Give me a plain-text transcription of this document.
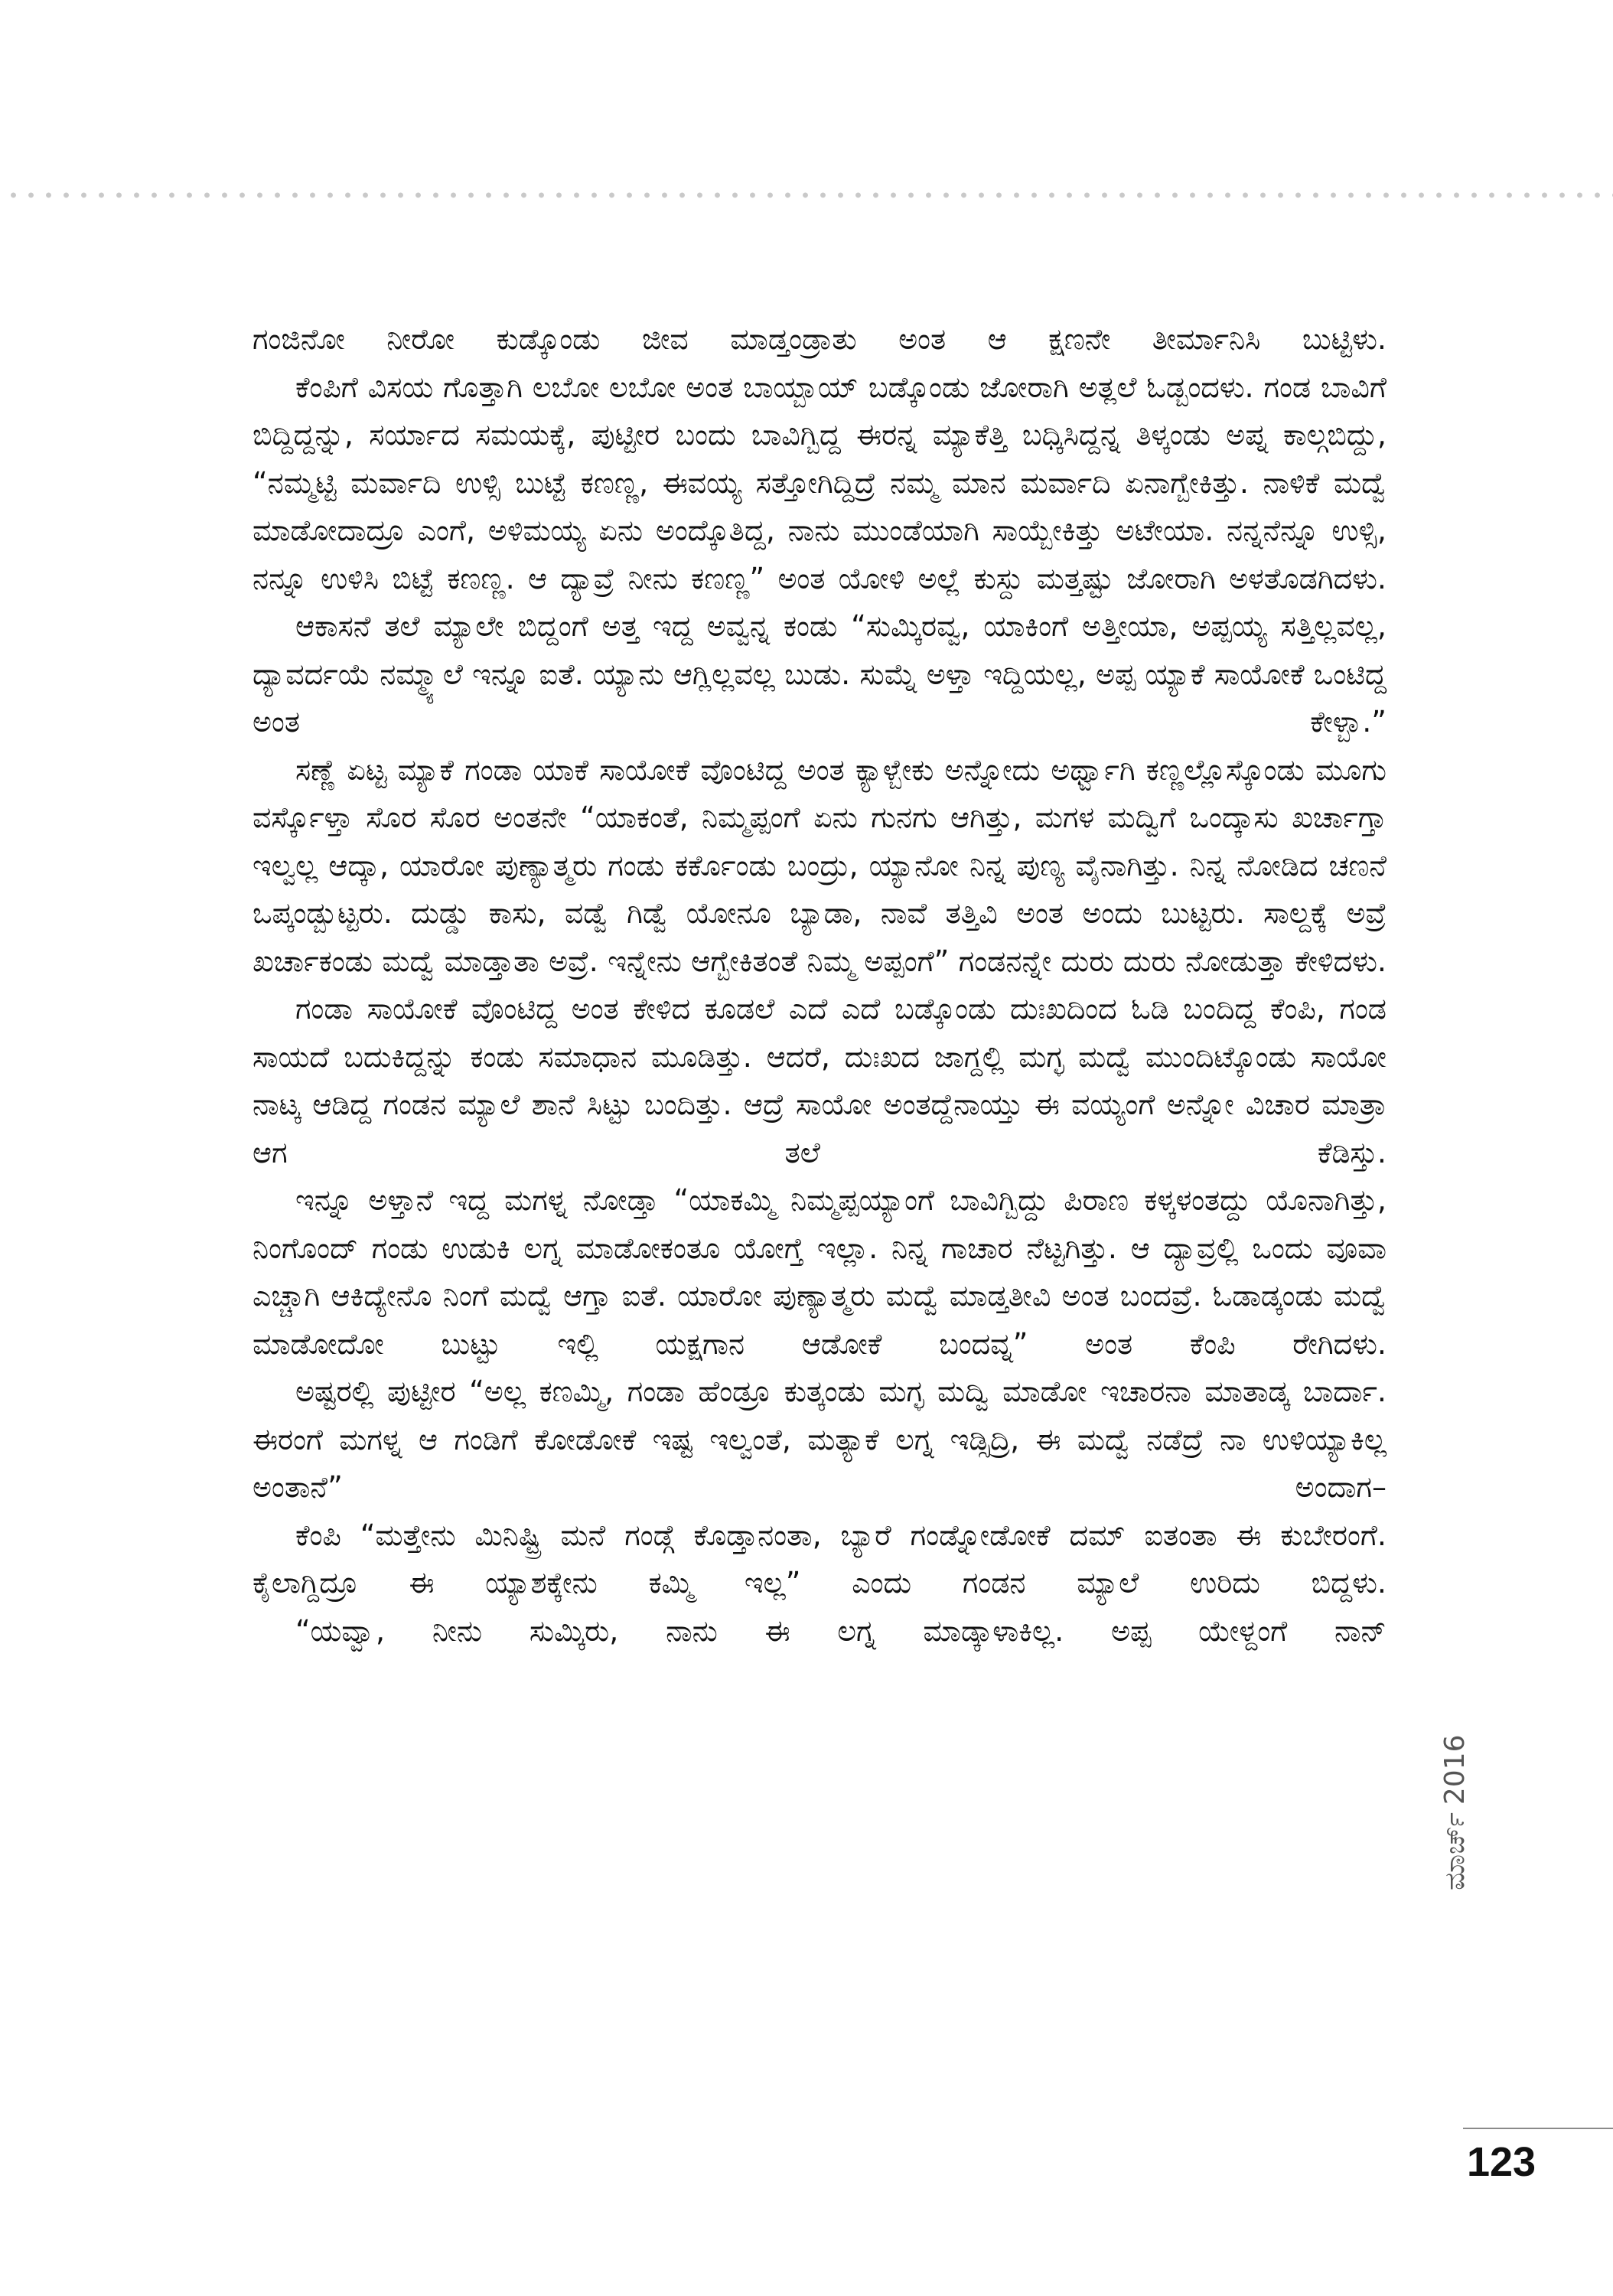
ಗಂಜಿನೋ ನೀರೋ ಕುಡ್ಕೊಂಡು ಜೀವ ಮಾಡ್ತಂಡ್ರಾತು ಅಂತ ಆ ಕ್ಷಣನೇ ತೀರ್ಮಾನಿಸಿ ಬುಟ್ಟಿಳು.

ಕೆಂಪಿಗೆ ವಿಸಯ ಗೊತ್ತಾಗಿ ಲಬೋ ಲಬೋ ಅಂತ ಬಾಯ್ಬಾಯ್ ಬಡ್ಕೊಂಡು ಜೋರಾಗಿ ಅತ್ಲಲೆ ಓಡ್ಬಂದಳು. ಗಂಡ ಬಾವಿಗೆ ಬಿದ್ದಿದ್ದನ್ನು, ಸರ್ಯಾದ ಸಮಯಕ್ಕೆ, ಪುಟ್ಟೀರ ಬಂದು ಬಾವಿಗ್ಬಿದ್ದ ಈರನ್ನ ಮ್ಯಾಕೆತ್ತಿ ಬಧ್ಕಿಸಿದ್ದನ್ನ ತಿಳ್ಕಂಡು ಅಪ್ನ ಕಾಲ್ಗಬಿದ್ದು, “ನಮ್ಮಟ್ಟಿ ಮರ್ವಾದಿ ಉಳ್ಸಿ ಬುಟ್ಟೆ ಕಣಣ್ಣ, ಈವಯ್ಯ ಸತ್ತೋಗಿದ್ದಿದ್ರೆ ನಮ್ಮ ಮಾನ ಮರ್ವಾದಿ ಏನಾಗ್ಬೇಕಿತ್ತು. ನಾಳಿಕೆ ಮದ್ವೆ ಮಾಡೋದಾದ್ರೂ ಎಂಗೆ, ಅಳಿಮಯ್ಯ ಏನು ಅಂದ್ಕೊತಿದ್ದ, ನಾನು ಮುಂಡೆಯಾಗಿ ಸಾಯ್ಬೇಕಿತ್ತು ಅಟೇಯಾ. ನನ್ನನೆನ್ನೂ ಉಳ್ಸಿ, ನನ್ನೂ ಉಳಿಸಿ ಬಿಟ್ಟೆ ಕಣಣ್ಣ. ಆ ದ್ಯಾವ್ರೆ ನೀನು ಕಣಣ್ಣ” ಅಂತ ಯೋಳಿ ಅಲ್ಲೆ ಕುಸ್ದು ಮತ್ತಷ್ಟು ಜೋರಾಗಿ ಅಳತೊಡಗಿದಳು.

ಆಕಾಸನೆ ತಲೆ ಮ್ಯಾಲೇ ಬಿದ್ದಂಗೆ ಅತ್ತ ಇದ್ದ ಅವ್ವನ್ನ ಕಂಡು “ಸುಮ್ಕಿರವ್ವ, ಯಾಕಿಂಗೆ ಅತ್ತೀಯಾ, ಅಪ್ಪಯ್ಯ ಸತ್ತಿಲ್ಲವಲ್ಲ, ದ್ಯಾವರ್ದಯೆ ನಮ್ಮ್ಯಾಲೆ ಇನ್ನೂ ಐತೆ. ಯ್ಯಾನು ಆಗ್ಲಿಲ್ಲವಲ್ಲ ಬುಡು. ಸುಮ್ನೆ ಅಳ್ತಾ ಇದ್ದಿಯಲ್ಲ, ಅಪ್ಪ ಯ್ಯಾಕೆ ಸಾಯೋಕೆ ಒಂಟಿದ್ದ ಅಂತ ಕೇಳ್ಬಾ.”

ಸಣ್ಣೆ ಏಟ್ಟ ಮ್ಯಾಕೆ ಗಂಡಾ ಯಾಕೆ ಸಾಯೋಕೆ ವೊಂಟಿದ್ದ ಅಂತ ಕ್ಯಾಳ್ಬೇಕು ಅನ್ನೋದು ಅರ್ಥ್ವಾಗಿ ಕಣ್ಣಲ್ಲೊಸ್ಕೊಂಡು ಮೂಗು ವರ್ಸ್ಕೊಳ್ತಾ ಸೊರ ಸೊರ ಅಂತನೇ “ಯಾಕಂತೆ, ನಿಮ್ಮಪ್ಪಂಗೆ ಏನು ಗುನಗು ಆಗಿತ್ತು, ಮಗಳ ಮದ್ವಿಗೆ ಒಂದ್ಕಾಸು ಖರ್ಚಾಗ್ತಾ ಇಲ್ವಲ್ಲ ಆದ್ಕಾ, ಯಾರೋ ಪುಣ್ಯಾತ್ಮರು ಗಂಡು ಕರ್ಕೊಂಡು ಬಂದ್ರು, ಯ್ಯಾನೋ ನಿನ್ನ ಪುಣ್ಯ ವೈನಾಗಿತ್ತು. ನಿನ್ನ ನೋಡಿದ ಚಣನೆ ಒಪ್ಕಂಡ್ಬುಟ್ಟರು. ದುಡ್ಡು ಕಾಸು, ವಡ್ವೆ ಗಿಡ್ವೆ ಯೋನೂ ಬ್ಯಾಡಾ, ನಾವೆ ತತ್ತಿವಿ ಅಂತ ಅಂದು ಬುಟ್ಟರು. ಸಾಲ್ದಕ್ಕೆ ಅವ್ರೆ ಖರ್ಚಾಕಂಡು ಮದ್ವೆ ಮಾಡ್ತಾತಾ ಅವ್ರೆ. ಇನ್ನೇನು ಆಗ್ಬೇಕಿತಂತೆ ನಿಮ್ಮ ಅಪ್ಪಂಗೆ” ಗಂಡನನ್ನೇ ದುರು ದುರು ನೋಡುತ್ತಾ ಕೇಳಿದಳು.

ಗಂಡಾ ಸಾಯೋಕೆ ವೊಂಟಿದ್ದ ಅಂತ ಕೇಳಿದ ಕೂಡಲೆ ಎದೆ ಎದೆ ಬಡ್ಕೊಂಡು ದುಃಖದಿಂದ ಓಡಿ ಬಂದಿದ್ದ ಕೆಂಪಿ, ಗಂಡ ಸಾಯದೆ ಬದುಕಿದ್ದನ್ನು ಕಂಡು ಸಮಾಧಾನ ಮೂಡಿತ್ತು. ಆದರೆ, ದುಃಖದ ಜಾಗ್ದಲ್ಲಿ ಮಗ್ಳ ಮದ್ವೆ ಮುಂದಿಟ್ಕೊಂಡು ಸಾಯೋ ನಾಟ್ಕ ಆಡಿದ್ದ ಗಂಡನ ಮ್ಯಾಲೆ ಶಾನೆ ಸಿಟ್ಟು ಬಂದಿತ್ತು. ಆದ್ರೆ ಸಾಯೋ ಅಂತದ್ದೆನಾಯ್ತು ಈ ವಯ್ಯಂಗೆ ಅನ್ನೋ ವಿಚಾರ ಮಾತ್ರಾ ಆಗ ತಲೆ ಕೆಡಿಸ್ತು.

ಇನ್ನೂ ಅಳ್ತಾನೆ ಇದ್ದ ಮಗಳ್ನ ನೋಡ್ತಾ “ಯಾಕಮ್ಮಿ ನಿಮ್ಮಪ್ಪಯ್ಯಾಂಗೆ ಬಾವಿಗ್ಬಿದ್ದು ಪಿರಾಣ ಕಳ್ಕಳಂತದ್ದು ಯೊನಾಗಿತ್ತು, ನಿಂಗೊಂದ್ ಗಂಡು ಉಡುಕಿ ಲಗ್ನ ಮಾಡೋಕಂತೂ ಯೋಗ್ತೆ ಇಲ್ಲಾ. ನಿನ್ನ ಗಾಚಾರ ನೆಟ್ಟಗಿತ್ತು. ಆ ದ್ಯಾವ್ರಲ್ಲಿ ಒಂದು ವೂವಾ ಎಚ್ಚಾಗಿ ಆಕಿದ್ಯೇನೊ ನಿಂಗೆ ಮದ್ವೆ ಆಗ್ತಾ ಐತೆ. ಯಾರೋ ಪುಣ್ಯಾತ್ಮರು ಮದ್ವೆ ಮಾಡ್ತತೀವಿ ಅಂತ ಬಂದವ್ರೆ. ಓಡಾಡ್ಕಂಡು ಮದ್ವೆ ಮಾಡೋದೋ ಬುಟ್ಟು ಇಲ್ಲಿ ಯಕ್ಷಗಾನ ಆಡೋಕೆ ಬಂದವ್ನ” ಅಂತ ಕೆಂಪಿ ರೇಗಿದಳು.

ಅಷ್ಟರಲ್ಲಿ ಪುಟ್ಟೀರ “ಅಲ್ಲ ಕಣಮ್ಮಿ, ಗಂಡಾ ಹೆಂಡ್ರೂ ಕುತ್ಕಂಡು ಮಗ್ಳ ಮದ್ವಿ ಮಾಡೋ ಇಚಾರನಾ ಮಾತಾಡ್ಕ ಬಾರ್ದಾ. ಈರಂಗೆ ಮಗಳ್ನ ಆ ಗಂಡಿಗೆ ಕೋಡೋಕೆ ಇಷ್ಟ ಇಲ್ವಂತೆ, ಮತ್ಯಾಕೆ ಲಗ್ನ ಇಡ್ಸಿದ್ರಿ, ಈ ಮದ್ವೆ ನಡೆದ್ರೆ ನಾ ಉಳಿಯ್ಯಾಕಿಲ್ಲ ಅಂತಾನೆ” ಅಂದಾಗ–

ಕೆಂಪಿ “ಮತ್ತೇನು ಮಿನಿಷ್ಟ್ರಿ ಮನೆ ಗಂಡ್ಗೆ ಕೊಡ್ತಾನಂತಾ, ಬ್ಯಾರೆ ಗಂಡ್ನೋಡೋಕೆ ದಮ್ ಐತಂತಾ ಈ ಕುಬೇರಂಗೆ. ಕೈಲಾಗ್ದಿದ್ರೂ ಈ ಯ್ಯಾಶಕ್ಕೇನು ಕಮ್ಮಿ ಇಲ್ಲ” ಎಂದು ಗಂಡನ ಮ್ಯಾಲೆ ಉರಿದು ಬಿದ್ದಳು.

“ಯವ್ವಾ, ನೀನು ಸುಮ್ಕಿರು, ನಾನು ಈ ಲಗ್ನ ಮಾಡ್ಕಾಳಾಕಿಲ್ಲ. ಅಪ್ಪ ಯೇಳ್ದಂಗೆ ನಾನ್

ಮಾರ್ಚ್2016
123
